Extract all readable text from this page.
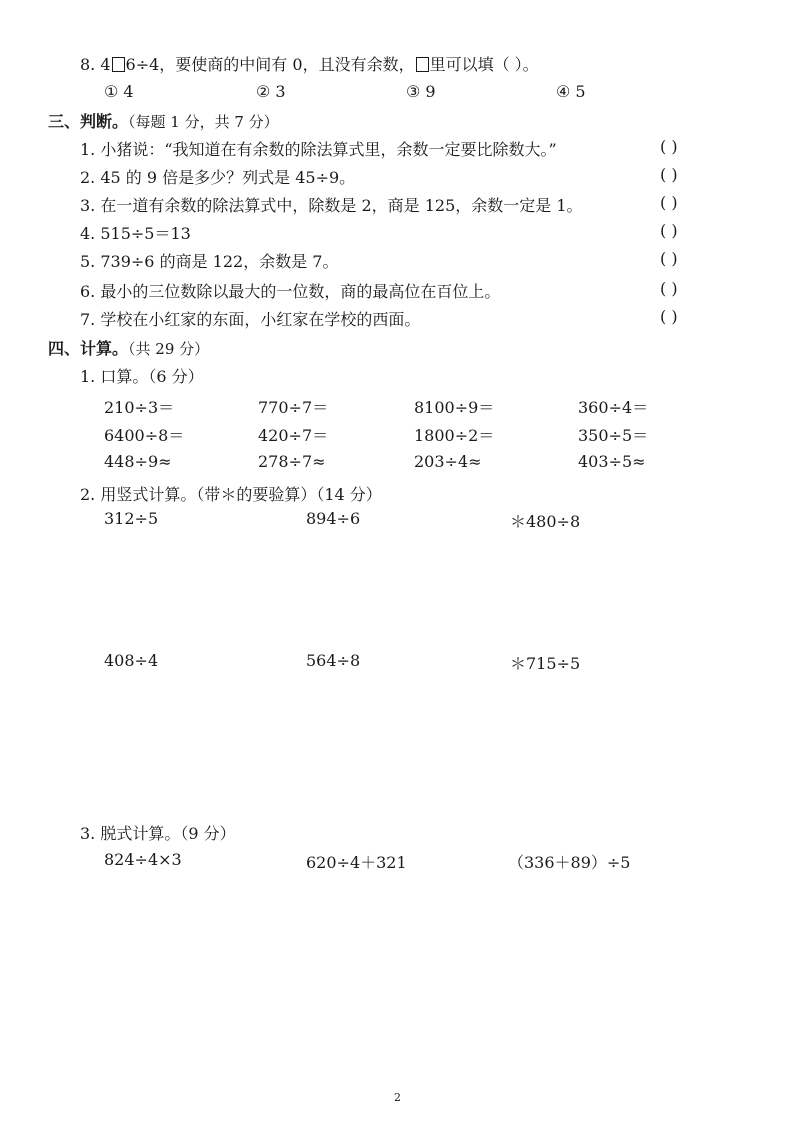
8. 4 6÷4，要使商的中间有 0，且没有余数， 里可以填（ ）。
① 4	② 3	③ 9	④ 5
三、判断。（每题 1 分，共 7 分）
1. 小猪说：“我知道在有余数的除法算式里，余数一定要比除数大。”	( )
2. 45 的 9 倍是多少？列式是 45÷9。	( )
3. 在一道有余数的除法算式中，除数是 2，商是 125，余数一定是 1。	( )
4. 515÷5＝13	( )
5. 739÷6 的商是 122，余数是 7。	( )
6. 最小的三位数除以最大的一位数，商的最高位在百位上。	( )
7. 学校在小红家的东面，小红家在学校的西面。	( )
四、计算。（共 29 分）
1. 口算。（6 分）
210÷3＝	770÷7＝	8100÷9＝	360÷4＝
6400÷8＝	420÷7＝	1800÷2＝	350÷5＝
448÷9≈	278÷7≈	203÷4≈	403÷5≈
2. 用竖式计算。（带＊的要验算）（14 分）
312÷5	894÷6	＊480÷8
408÷4	564÷8	＊715÷5
3. 脱式计算。（9 分）
824÷4×3	620÷4＋321	（336＋89）÷5
2
